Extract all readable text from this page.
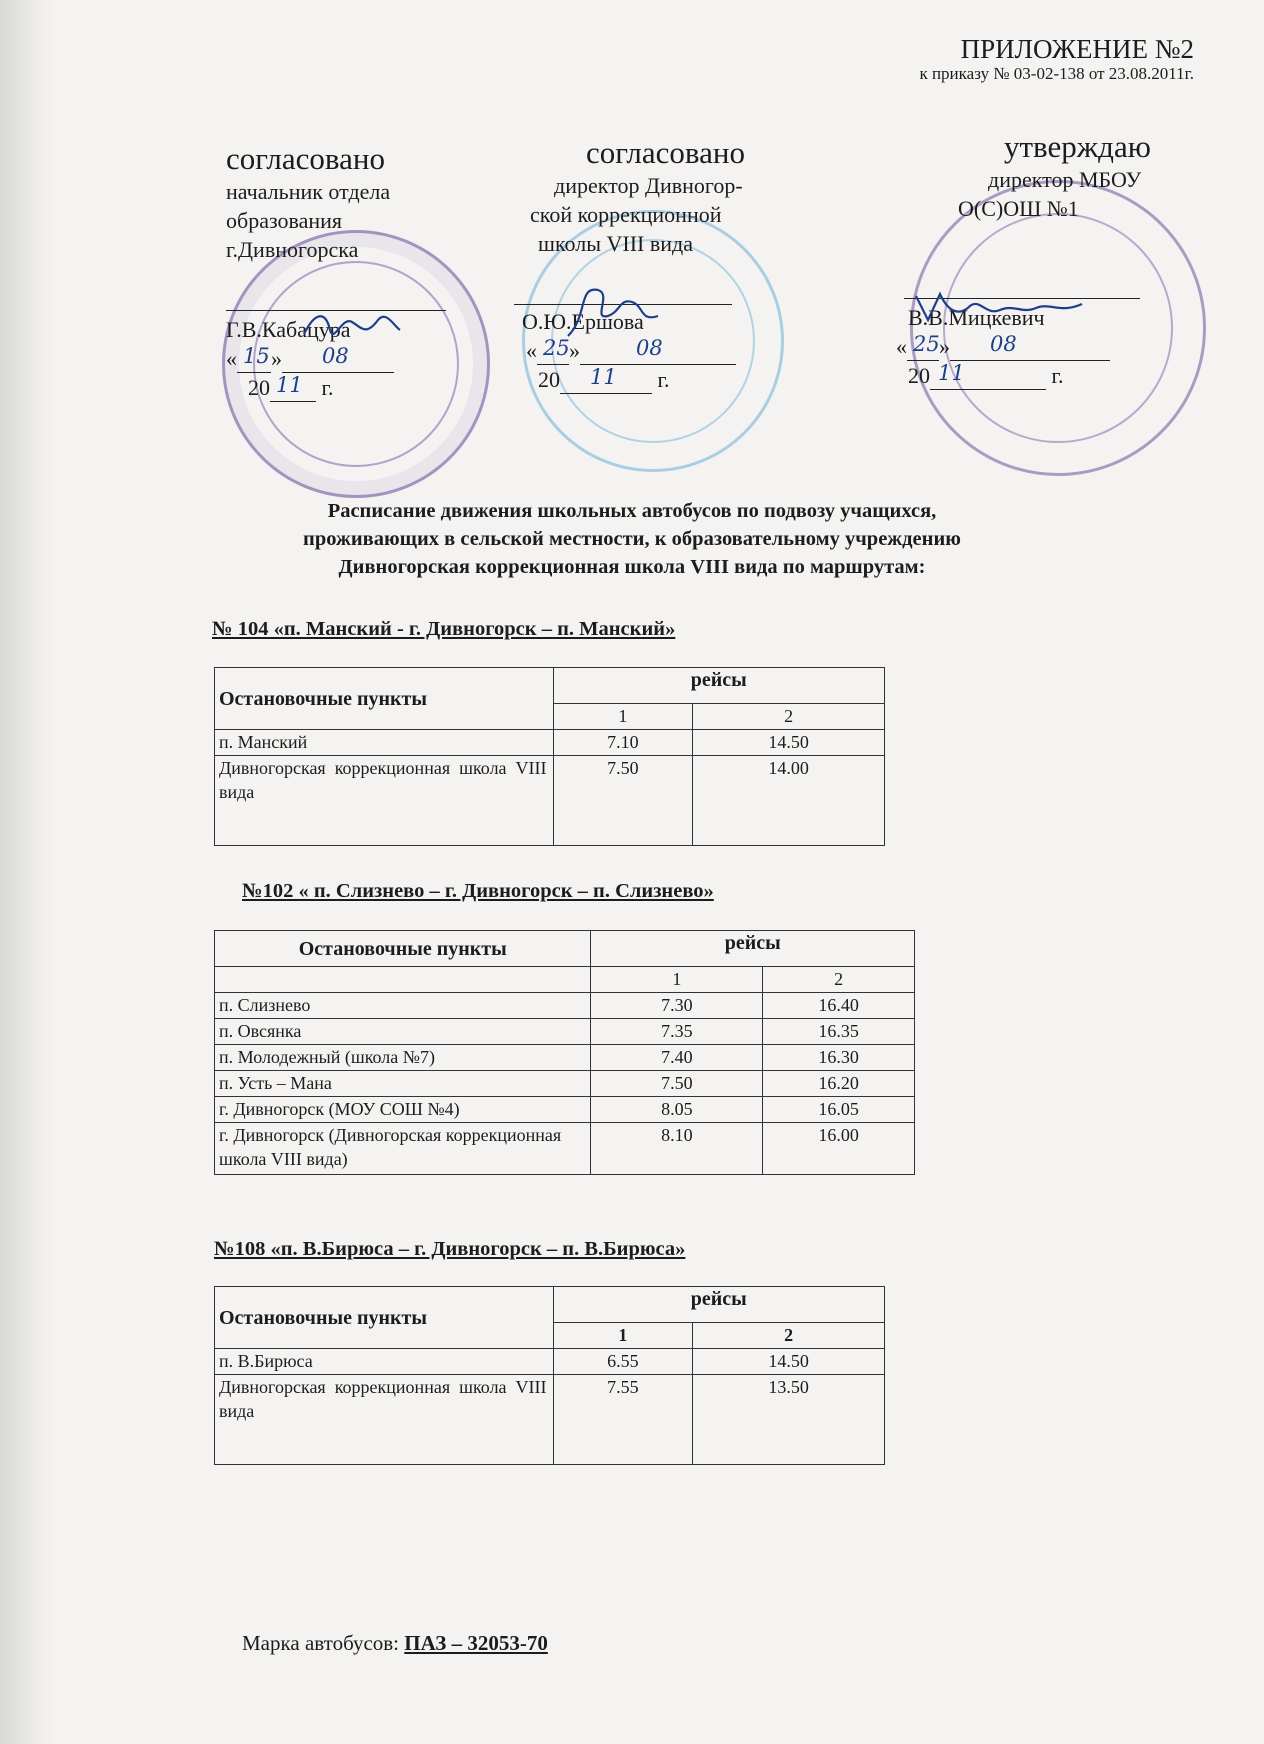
ПРИЛОЖЕНИЕ №2
к приказу № 03-02-138 от 23.08.2011г.
согласовано
начальник отдела
образования
г.Дивногорска
Г.В.Кабацура
« 15 » 08
20 11 г.
согласовано
директор Дивногор-
ской коррекционной
школы VIII вида
О.Ю.Ершова
« 25 »	08
20 11 г.
утверждаю
директор МБОУ
О(С)ОШ №1
В.В.Мицкевич
« 25 » 08
20 11	г.
Расписание движения школьных автобусов по подвозу учащихся,
проживающих в сельской местности, к образовательному учреждению
Дивногорская коррекционная школа VIII вида по маршрутам:
№ 104 «п. Манский - г. Дивногорск – п. Манский»
Остановочные пункты	рейсы	
	1	2
п. Манский	7.10	14.50
Дивногорская коррекционная школа VIII вида	7.50	14.00
№102 « п. Слизнево – г. Дивногорск – п. Слизнево»
Остановочные пункты	рейсы	
	1	2
п. Слизнево	7.30	16.40
п. Овсянка	7.35	16.35
п. Молодежный (школа №7)	7.40	16.30
п. Усть – Мана	7.50	16.20
г. Дивногорск (МОУ СОШ №4)	8.05	16.05
г. Дивногорск (Дивногорская коррекционная школа VIII вида)	8.10	16.00
№108 «п. В.Бирюса – г. Дивногорск – п. В.Бирюса»
Остановочные пункты	рейсы	
	1	2
п. В.Бирюса	6.55	14.50
Дивногорская коррекционная школа VIII вида	7.55	13.50
Марка автобусов: ПАЗ – 32053-70
